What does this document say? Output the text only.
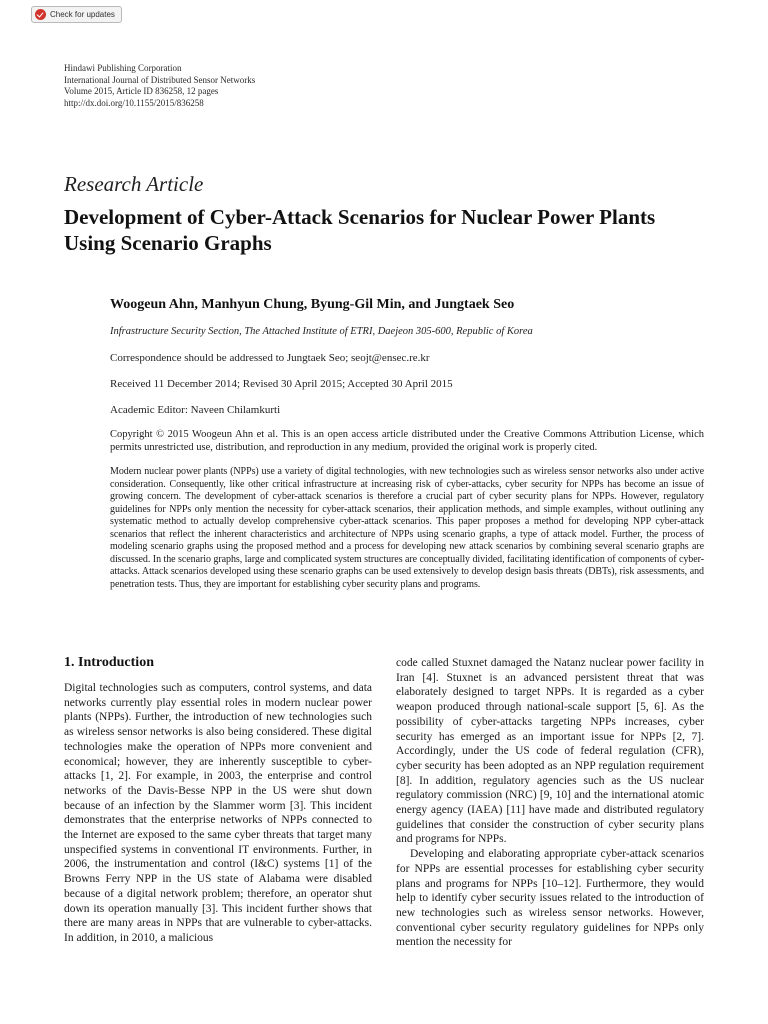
Check for updates
Hindawi Publishing Corporation
International Journal of Distributed Sensor Networks
Volume 2015, Article ID 836258, 12 pages
http://dx.doi.org/10.1155/2015/836258
Research Article
Development of Cyber-Attack Scenarios for Nuclear Power Plants Using Scenario Graphs
Woogeun Ahn, Manhyun Chung, Byung-Gil Min, and Jungtaek Seo
Infrastructure Security Section, The Attached Institute of ETRI, Daejeon 305-600, Republic of Korea
Correspondence should be addressed to Jungtaek Seo; seojt@ensec.re.kr
Received 11 December 2014; Revised 30 April 2015; Accepted 30 April 2015
Academic Editor: Naveen Chilamkurti

Copyright © 2015 Woogeun Ahn et al. This is an open access article distributed under the Creative Commons Attribution License, which permits unrestricted use, distribution, and reproduction in any medium, provided the original work is properly cited.

Modern nuclear power plants (NPPs) use a variety of digital technologies, with new technologies such as wireless sensor networks also under active consideration. Consequently, like other critical infrastructure at increasing risk of cyber-attacks, cyber security for NPPs has become an issue of growing concern. The development of cyber-attack scenarios is therefore a crucial part of cyber security plans for NPPs. However, regulatory guidelines for NPPs only mention the necessity for cyber-attack scenarios, their application methods, and simple examples, without outlining any systematic method to actually develop comprehensive cyber-attack scenarios. This paper proposes a method for developing NPP cyber-attack scenarios that reflect the inherent characteristics and architecture of NPPs using scenario graphs, a type of attack model. Further, the process of modeling scenario graphs using the proposed method and a process for developing new attack scenarios by combining several scenario graphs are discussed. In the scenario graphs, large and complicated system structures are conceptually divided, facilitating identification of components of cyber-attacks. Attack scenarios developed using these scenario graphs can be used extensively to develop design basis threats (DBTs), risk assessments, and penetration tests. Thus, they are important for establishing cyber security plans and programs.

1. Introduction

Digital technologies such as computers, control systems, and data networks currently play essential roles in modern nuclear power plants (NPPs). Further, the introduction of new technologies such as wireless sensor networks is also being considered. These digital technologies make the operation of NPPs more convenient and economical; however, they are inherently susceptible to cyber-attacks [1, 2]. For example, in 2003, the enterprise and control networks of the Davis-Besse NPP in the US were shut down because of an infection by the Slammer worm [3]. This incident demonstrates that the enterprise networks of NPPs connected to the Internet are exposed to the same cyber threats that target many unspecified systems in conventional IT environments. Further, in 2006, the instrumentation and control (I&C) systems [1] of the Browns Ferry NPP in the US state of Alabama were disabled because of a digital network problem; therefore, an operator shut down its operation manually [3]. This incident further shows that there are many areas in NPPs that are vulnerable to cyber-attacks. In addition, in 2010, a malicious

code called Stuxnet damaged the Natanz nuclear power facility in Iran [4]. Stuxnet is an advanced persistent threat that was elaborately designed to target NPPs. It is regarded as a cyber weapon produced through national-scale support [5, 6]. As the possibility of cyber-attacks targeting NPPs increases, cyber security has emerged as an important issue for NPPs [2, 7]. Accordingly, under the US code of federal regulation (CFR), cyber security has been adopted as an NPP regulation requirement [8]. In addition, regulatory agencies such as the US nuclear regulatory commission (NRC) [9, 10] and the international atomic energy agency (IAEA) [11] have made and distributed regulatory guidelines that consider the construction of cyber security plans and programs for NPPs.

Developing and elaborating appropriate cyber-attack scenarios for NPPs are essential processes for establishing cyber security plans and programs for NPPs [10–12]. Furthermore, they would help to identify cyber security issues related to the introduction of new technologies such as wireless sensor networks. However, conventional cyber security regulatory guidelines for NPPs only mention the necessity for
